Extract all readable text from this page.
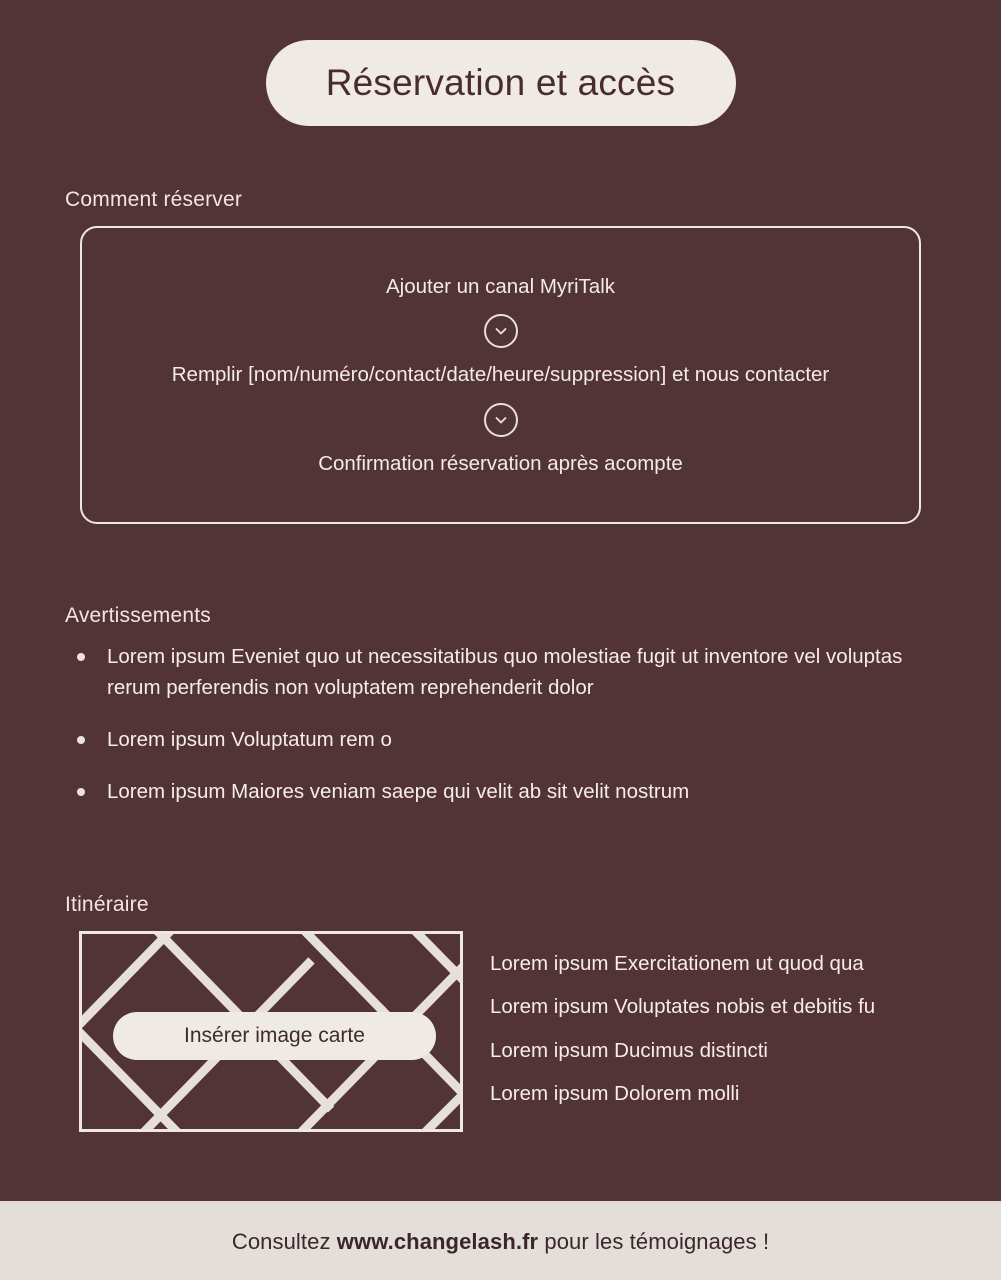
Réservation et accès
Comment réserver
Ajouter un canal MyriTalk
Remplir [nom/numéro/contact/date/heure/suppression] et nous contacter
Confirmation réservation après acompte
Avertissements
Lorem ipsum Eveniet quo ut necessitatibus quo molestiae fugit ut inventore vel voluptas rerum perferendis non voluptatem reprehenderit dolor
Lorem ipsum Voluptatum rem o
Lorem ipsum Maiores veniam saepe qui velit ab sit velit nostrum
Itinéraire
Insérer image carte
Lorem ipsum Exercitationem ut quod qua
Lorem ipsum Voluptates nobis et debitis fu
Lorem ipsum Ducimus distincti
Lorem ipsum Dolorem molli
Consultez www.changelash.fr pour les témoignages !
